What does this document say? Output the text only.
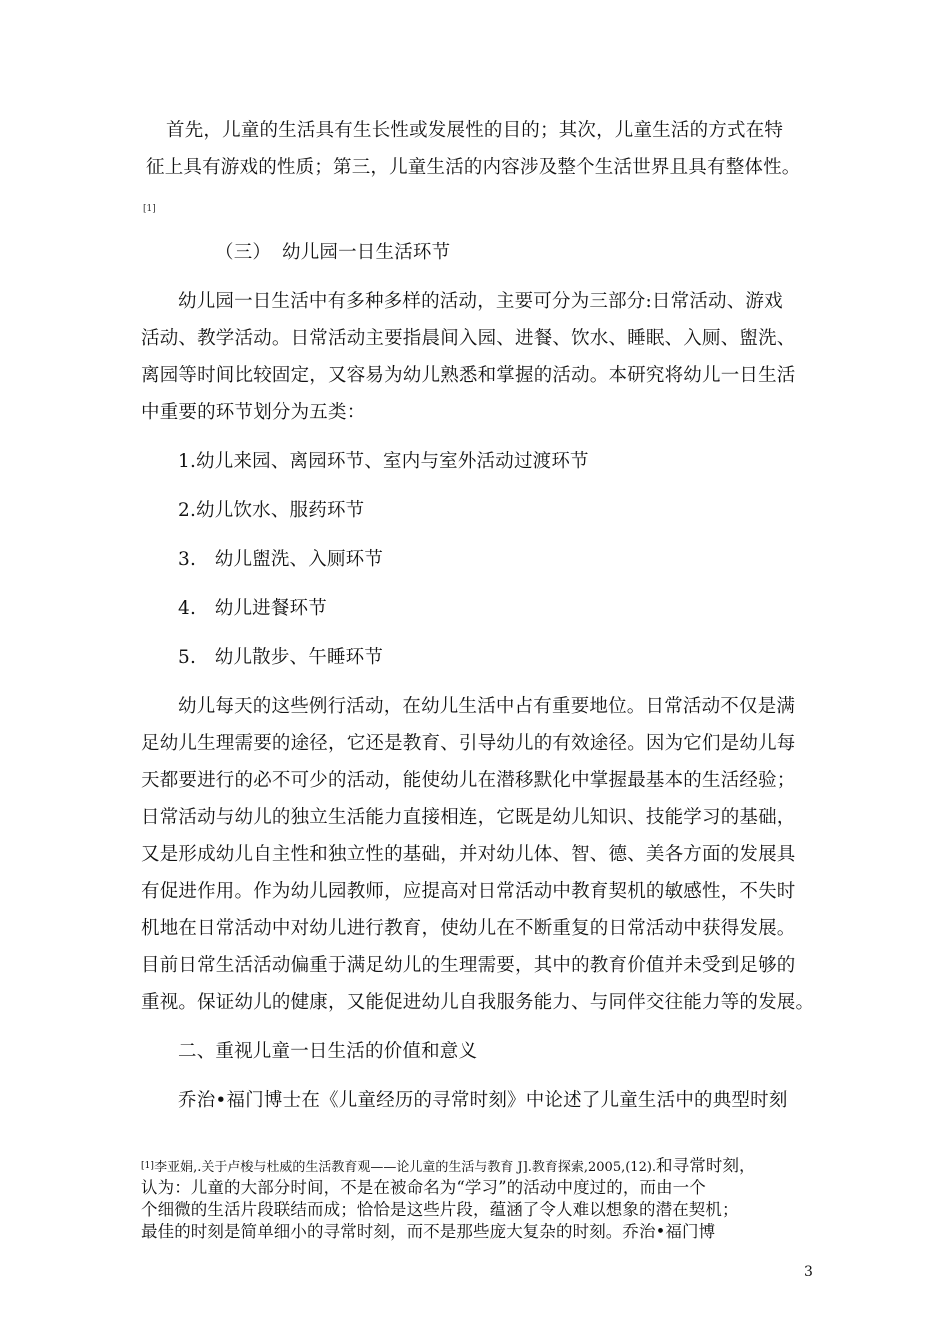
首先，儿童的生活具有生长性或发展性的目的；其次，儿童生活的方式在特
征上具有游戏的性质；第三，儿童生活的内容涉及整个生活世界且具有整体性。
[1]
（三） 幼儿园一日生活环节
幼儿园一日生活中有多种多样的活动，主要可分为三部分:日常活动、游戏
活动、教学活动。日常活动主要指晨间入园、进餐、饮水、睡眠、入厕、盥洗、
离园等时间比较固定，又容易为幼儿熟悉和掌握的活动。本研究将幼儿一日生活
中重要的环节划分为五类：
1.幼儿来园、离园环节、室内与室外活动过渡环节
2.幼儿饮水、服药环节
3.　幼儿盥洗、入厕环节
4.　幼儿进餐环节
5.　幼儿散步、午睡环节
幼儿每天的这些例行活动，在幼儿生活中占有重要地位。日常活动不仅是满
足幼儿生理需要的途径，它还是教育、引导幼儿的有效途径。因为它们是幼儿每
天都要进行的必不可少的活动，能使幼儿在潜移默化中掌握最基本的生活经验；
日常活动与幼儿的独立生活能力直接相连，它既是幼儿知识、技能学习的基础，
又是形成幼儿自主性和独立性的基础，并对幼儿体、智、德、美各方面的发展具
有促进作用。作为幼儿园教师，应提高对日常活动中教育契机的敏感性，不失时
机地在日常活动中对幼儿进行教育，使幼儿在不断重复的日常活动中获得发展。
目前日常生活活动偏重于满足幼儿的生理需要，其中的教育价值并未受到足够的
重视。保证幼儿的健康，又能促进幼儿自我服务能力、与同伴交往能力等的发展。
二、重视儿童一日生活的价值和意义
乔治•福门博士在《儿童经历的寻常时刻》中论述了儿童生活中的典型时刻
[1]李亚娟,.关于卢梭与杜威的生活教育观——论儿童的生活与教育 J].教育探索,2005,(12).和寻常时刻，
认为：儿童的大部分时间，不是在被命名为“学习”的活动中度过的，而由一个
个细微的生活片段联结而成；恰恰是这些片段，蕴涵了令人难以想象的潜在契机；
最佳的时刻是简单细小的寻常时刻，而不是那些庞大复杂的时刻。乔治•福门博
3
